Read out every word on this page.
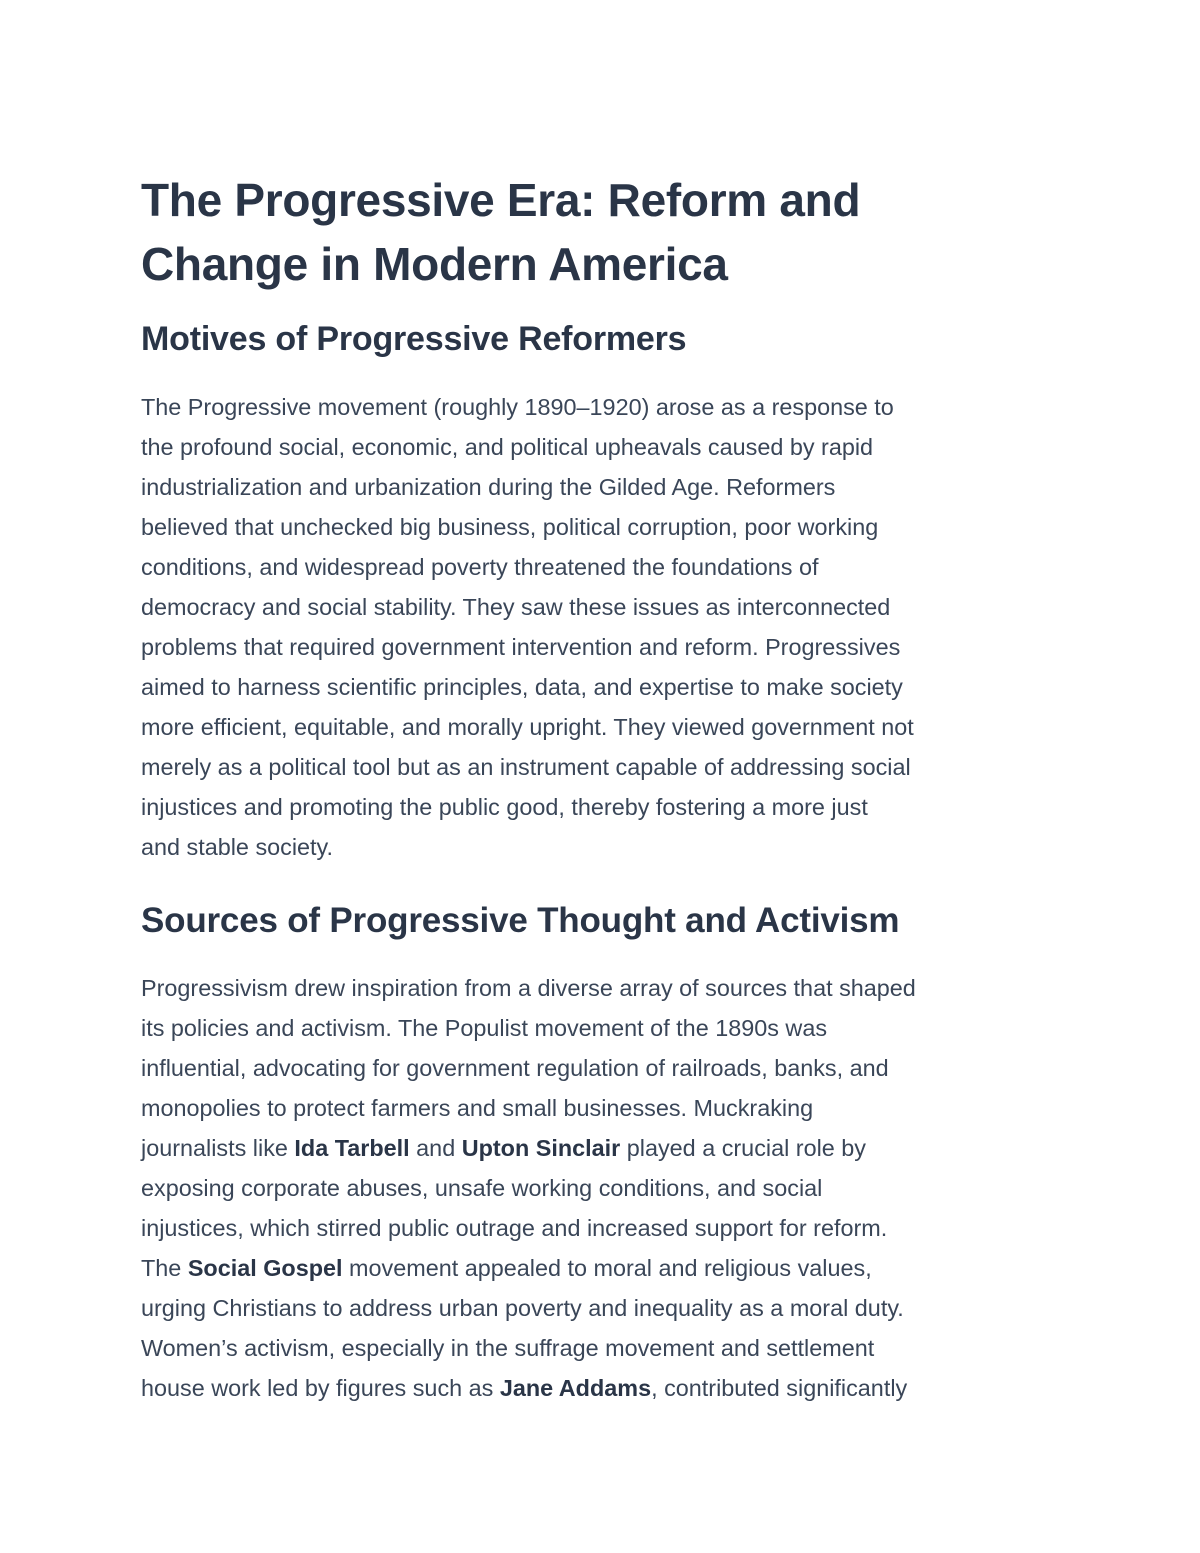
The Progressive Era: Reform and
Change in Modern America
Motives of Progressive Reformers
The Progressive movement (roughly 1890–1920) arose as a response to
the profound social, economic, and political upheavals caused by rapid
industrialization and urbanization during the Gilded Age. Reformers
believed that unchecked big business, political corruption, poor working
conditions, and widespread poverty threatened the foundations of
democracy and social stability. They saw these issues as interconnected
problems that required government intervention and reform. Progressives
aimed to harness scientific principles, data, and expertise to make society
more efficient, equitable, and morally upright. They viewed government not
merely as a political tool but as an instrument capable of addressing social
injustices and promoting the public good, thereby fostering a more just
and stable society.
Sources of Progressive Thought and Activism
Progressivism drew inspiration from a diverse array of sources that shaped
its policies and activism. The Populist movement of the 1890s was
influential, advocating for government regulation of railroads, banks, and
monopolies to protect farmers and small businesses. Muckraking
journalists like Ida Tarbell and Upton Sinclair played a crucial role by
exposing corporate abuses, unsafe working conditions, and social
injustices, which stirred public outrage and increased support for reform.
The Social Gospel movement appealed to moral and religious values,
urging Christians to address urban poverty and inequality as a moral duty.
Women’s activism, especially in the suffrage movement and settlement
house work led by figures such as Jane Addams, contributed significantly
